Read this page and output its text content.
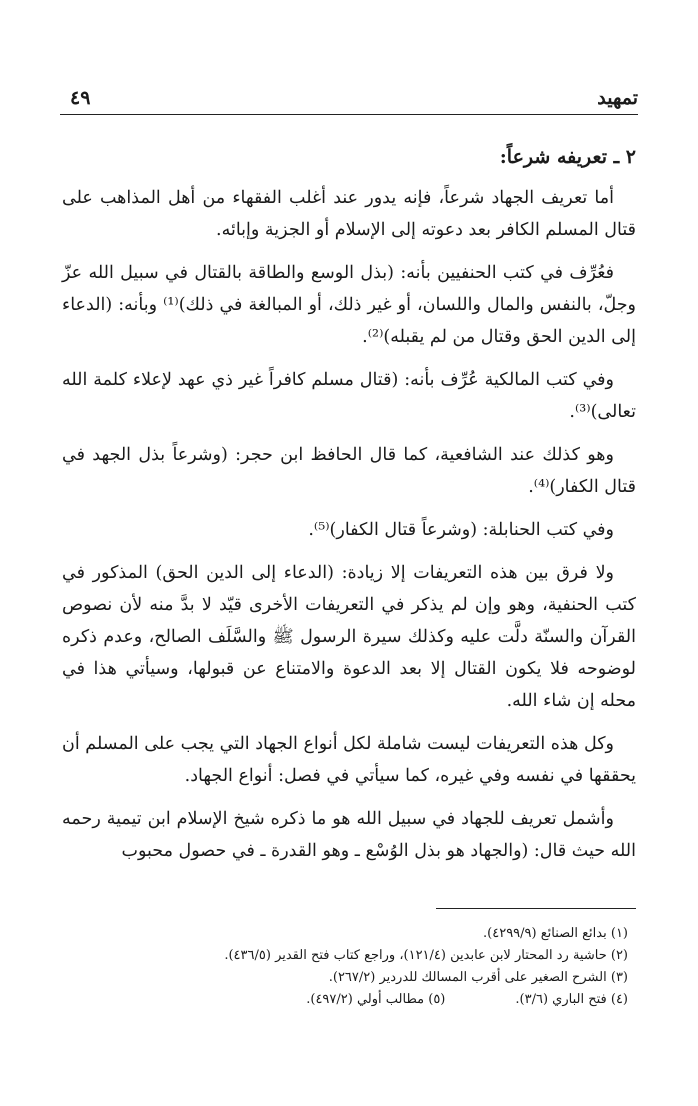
تمهيد
٤٩
٢ ـ تعريفه شرعاً:

أما تعريف الجهاد شرعاً، فإنه يدور عند أغلب الفقهاء من أهل المذاهب على قتال المسلم الكافر بعد دعوته إلى الإسلام أو الجزية وإبائه.

فعُرِّف في كتب الحنفيين بأنه: (بذل الوسع والطاقة بالقتال في سبيل الله عزّ وجلّ، بالنفس والمال واللسان، أو غير ذلك، أو المبالغة في ذلك)⁽¹⁾ وبأنه: (الدعاء إلى الدين الحق وقتال من لم يقبله)⁽²⁾.

وفي كتب المالكية عُرِّف بأنه: (قتال مسلم كافراً غير ذي عهد لإعلاء كلمة الله تعالى)⁽³⁾.

وهو كذلك عند الشافعية، كما قال الحافظ ابن حجر: (وشرعاً بذل الجهد في قتال الكفار)⁽⁴⁾.

وفي كتب الحنابلة: (وشرعاً قتال الكفار)⁽⁵⁾.

ولا فرق بين هذه التعريفات إلا زيادة: (الدعاء إلى الدين الحق) المذكور في كتب الحنفية، وهو وإن لم يذكر في التعريفات الأخرى قيّد لا بدَّ منه لأن نصوص القرآن والسنّة دلَّت عليه وكذلك سيرة الرسول ﷺ والسَّلَف الصالح، وعدم ذكره لوضوحه فلا يكون القتال إلا بعد الدعوة والامتناع عن قبولها، وسيأتي هذا في محله إن شاء الله.

وكل هذه التعريفات ليست شاملة لكل أنواع الجهاد التي يجب على المسلم أن يحققها في نفسه وفي غيره، كما سيأتي في فصل: أنواع الجهاد.

وأشمل تعريف للجهاد في سبيل الله هو ما ذكره شيخ الإسلام ابن تيمية رحمه الله حيث قال: (والجهاد هو بذل الوُسْع ـ وهو القدرة ـ في حصول محبوب

(١) بدائع الصنائع (٤٢٩٩/٩).
(٢) حاشية رد المحتار لابن عابدين (١٢١/٤)، وراجع كتاب فتح القدير (٤٣٦/٥).
(٣) الشرح الصغير على أقرب المسالك للدردير (٢٦٧/٢).
(٤) فتح الباري (٣/٦).
(٥) مطالب أولي (٤٩٧/٢).
